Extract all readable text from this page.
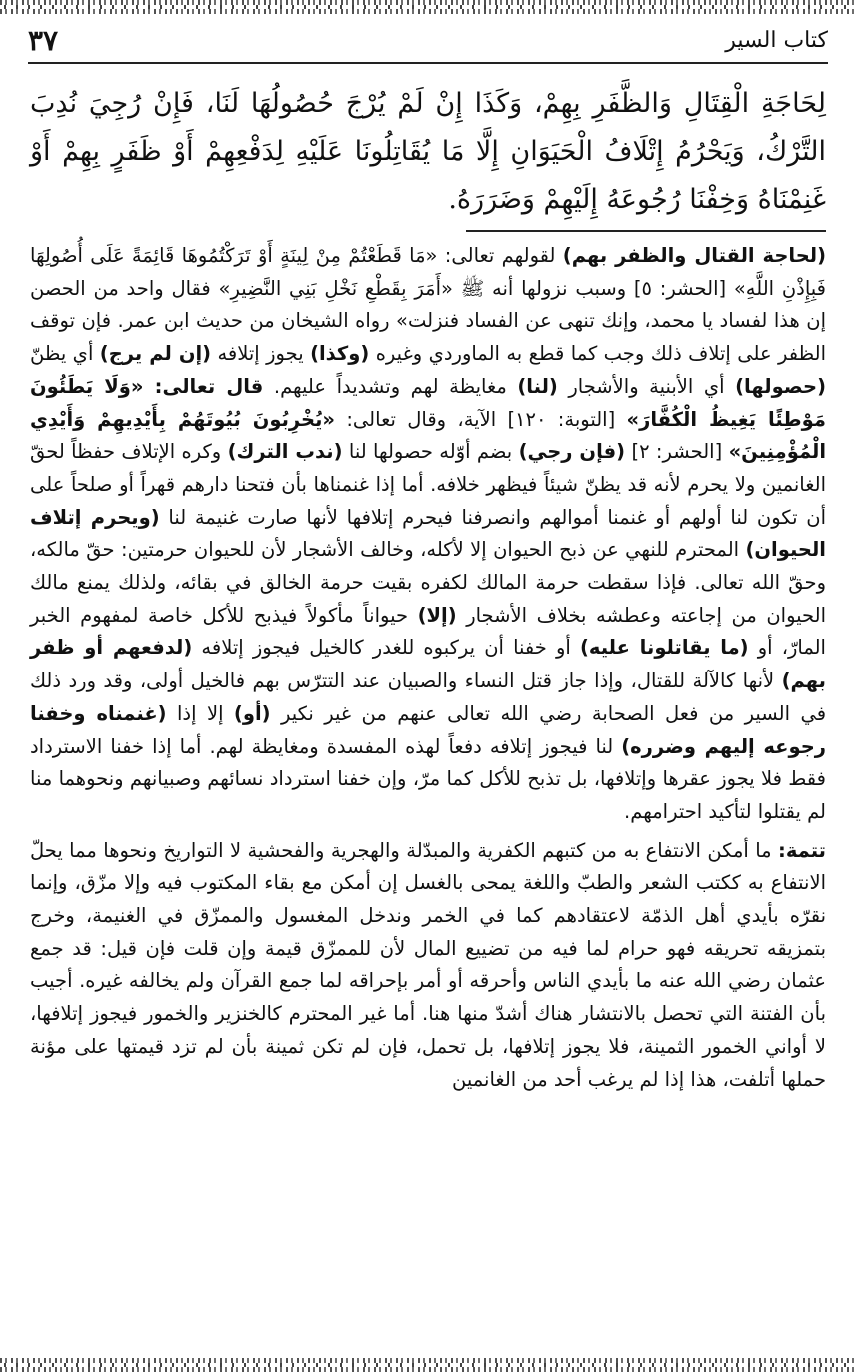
كتاب السير
٣٧
لِحَاجَةِ الْقِتَالِ وَالظَّفَرِ بِهِمْ، وَكَذَا إِنْ لَمْ يُرْجَ حُصُولُهَا لَنَا، فَإِنْ رُجِيَ نُدِبَ التَّرْكُ، وَيَحْرُمُ إِتْلَافُ الْحَيَوَانِ إِلَّا مَا يُقَاتِلُونَا عَلَيْهِ لِدَفْعِهِمْ أَوْ ظَفَرٍ بِهِمْ أَوْ غَنِمْنَاهُ وَخِفْنَا رُجُوعَهُ إِلَيْهِمْ وَضَرَرَهُ.

(لحاجة القتال والظفر بهم) لقولهم تعالى: «مَا قَطَعْتُمْ مِنْ لِينَةٍ أَوْ تَرَكْتُمُوهَا قَائِمَةً عَلَى أُصُولِهَا فَبِإِذْنِ اللَّهِ» [الحشر: ٥] وسبب نزولها أنه ﷺ «أَمَرَ بِقَطْعِ نَخْلِ بَنِي النَّضِيرِ» فقال واحد من الحصن إن هذا لفساد يا محمد، وإنك تنهى عن الفساد فنزلت» رواه الشيخان من حديث ابن عمر. فإن توقف الظفر على إتلاف ذلك وجب كما قطع به الماوردي وغيره (وكذا) يجوز إتلافه (إن لم يرج) أي يظنّ (حصولها) أي الأبنية والأشجار (لنا) مغايظة لهم وتشديداً عليهم. قال تعالى: «وَلَا يَطَئُونَ مَوْطِئًا يَغِيظُ الْكُفَّارَ» [التوبة: ١٢٠] الآية، وقال تعالى: «يُخْرِبُونَ بُيُوتَهُمْ بِأَيْدِيهِمْ وَأَيْدِي الْمُؤْمِنِينَ» [الحشر: ٢] (فإن رجي) بضم أوّله حصولها لنا (ندب الترك) وكره الإتلاف حفظاً لحقّ الغانمين ولا يحرم لأنه قد يظنّ شيئاً فيظهر خلافه. أما إذا غنمناها بأن فتحنا دارهم قهراً أو صلحاً على أن تكون لنا أولهم أو غنمنا أموالهم وانصرفنا فيحرم إتلافها لأنها صارت غنيمة لنا (ويحرم إتلاف الحيوان) المحترم للنهي عن ذبح الحيوان إلا لأكله، وخالف الأشجار لأن للحيوان حرمتين: حقّ مالكه، وحقّ الله تعالى. فإذا سقطت حرمة المالك لكفره بقيت حرمة الخالق في بقائه، ولذلك يمنع مالك الحيوان من إجاعته وعطشه بخلاف الأشجار (إلا) حيواناً مأكولاً فيذبح للأكل خاصة لمفهوم الخبر المارّ، أو (ما يقاتلونا عليه) أو خفنا أن يركبوه للغدر كالخيل فيجوز إتلافه (لدفعهم أو ظفر بهم) لأنها كالآلة للقتال، وإذا جاز قتل النساء والصبيان عند التترّس بهم فالخيل أولى، وقد ورد ذلك في السير من فعل الصحابة رضي الله تعالى عنهم من غير نكير (أو) إلا إذا (غنمناه وخفنا رجوعه إليهم وضرره) لنا فيجوز إتلافه دفعاً لهذه المفسدة ومغايظة لهم. أما إذا خفنا الاسترداد فقط فلا يجوز عقرها وإتلافها، بل تذبح للأكل كما مرّ، وإن خفنا استرداد نسائهم وصبيانهم ونحوهما منا لم يقتلوا لتأكيد احترامهم.

تتمة: ما أمكن الانتفاع به من كتبهم الكفرية والمبدّلة والهجرية والفحشية لا التواريخ ونحوها مما يحلّ الانتفاع به ككتب الشعر والطبّ واللغة يمحى بالغسل إن أمكن مع بقاء المكتوب فيه وإلا مزّق، وإنما نقرّه بأيدي أهل الذمّة لاعتقادهم كما في الخمر وندخل المغسول والممزّق في الغنيمة، وخرج بتمزيقه تحريقه فهو حرام لما فيه من تضييع المال لأن للممزّق قيمة وإن قلت فإن قيل: قد جمع عثمان رضي الله عنه ما بأيدي الناس وأحرقه أو أمر بإحراقه لما جمع القرآن ولم يخالفه غيره. أجيب بأن الفتنة التي تحصل بالانتشار هناك أشدّ منها هنا. أما غير المحترم كالخنزير والخمور فيجوز إتلافها، لا أواني الخمور الثمينة، فلا يجوز إتلافها، بل تحمل، فإن لم تكن ثمينة بأن لم تزد قيمتها على مؤنة حملها أتلفت، هذا إذا لم يرغب أحد من الغانمين
